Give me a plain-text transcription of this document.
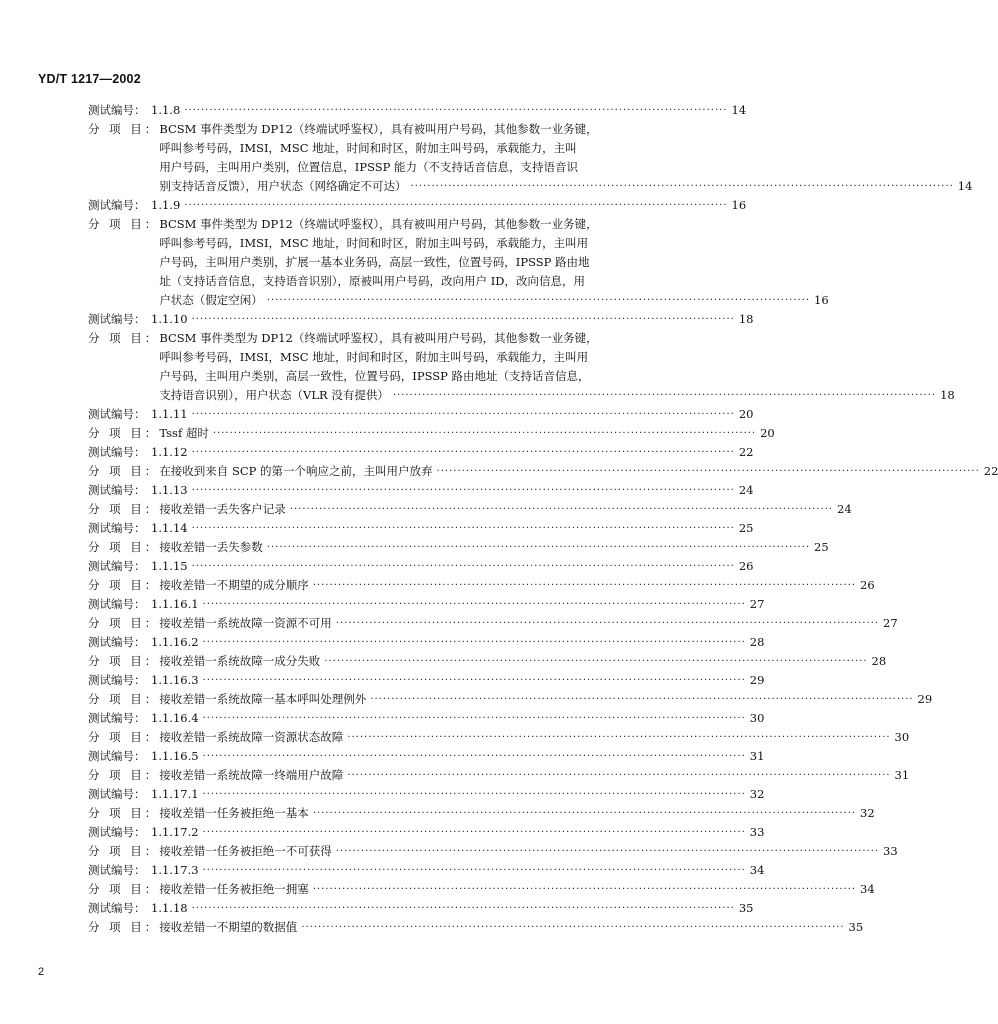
YD/T 1217—2002
测试编号： 1.1.8 ·····	14
分 项 目： BCSM 事件类型为 DP12（终端试呼鉴权），具有被叫用户号码，其他参数一业务键，
呼叫参考号码，IMSI，MSC 地址，时间和时区，附加主叫号码，承载能力，主叫
用户号码，主叫用户类别，位置信息，IPSSP 能力（不支持话音信息，支持语音识
别支持话音反馈），用户状态（网络确定不可达） ·····	14
测试编号： 1.1.9 ·····	16
分 项 目： BCSM 事件类型为 DP12（终端试呼鉴权），具有被叫用户号码，其他参数一业务键，
呼叫参考号码，IMSI，MSC 地址，时间和时区，附加主叫号码，承载能力，主叫用
户号码，主叫用户类别，扩展一基本业务码，高层一致性，位置号码，IPSSP 路由地
址（支持话音信息，支持语音识别），原被叫用户号码，改向用户 ID，改向信息，用
户状态（假定空闲） ·····	16
测试编号： 1.1.10 ·····	18
分 项 目： BCSM 事件类型为 DP12（终端试呼鉴权），具有被叫用户号码，其他参数一业务键，
呼叫参考号码，IMSI，MSC 地址，时间和时区，附加主叫号码，承载能力，主叫用
户号码，主叫用户类别，高层一致性，位置号码，IPSSP 路由地址（支持话音信息，
支持语音识别），用户状态（VLR 没有提供） ·····	18
测试编号： 1.1.11 ·····	20
分 项 目： Tssf 超时 ·····	20
测试编号： 1.1.12 ·····	22
分 项 目： 在接收到来自 SCP 的第一个响应之前，主叫用户放弃 ·····	22
测试编号： 1.1.13 ·····	24
分 项 目： 接收差错一丢失客户记录 ·····	24
测试编号： 1.1.14 ·····	25
分 项 目： 接收差错一丢失参数 ·····	25
测试编号： 1.1.15 ·····	26
分 项 目： 接收差错一不期望的成分顺序 ·····	26
测试编号： 1.1.16.1 ·····	27
分 项 目： 接收差错一系统故障一资源不可用 ·····	27
测试编号： 1.1.16.2 ·····	28
分 项 目： 接收差错一系统故障一成分失败 ·····	28
测试编号： 1.1.16.3 ·····	29
分 项 目： 接收差错一系统故障一基本呼叫处理例外 ·····	29
测试编号： 1.1.16.4 ·····	30
分 项 目： 接收差错一系统故障一资源状态故障 ·····	30
测试编号： 1.1.16.5 ·····	31
分 项 目： 接收差错一系统故障一终端用户故障 ·····	31
测试编号： 1.1.17.1 ·····	32
分 项 目： 接收差错一任务被拒绝一基本 ·····	32
测试编号： 1.1.17.2 ·····	33
分 项 目： 接收差错一任务被拒绝一不可获得 ·····	33
测试编号： 1.1.17.3 ·····	34
分 项 目： 接收差错一任务被拒绝一拥塞 ·····	34
测试编号： 1.1.18 ·····	35
分 项 目： 接收差错一不期望的数据值 ·····	35
2
